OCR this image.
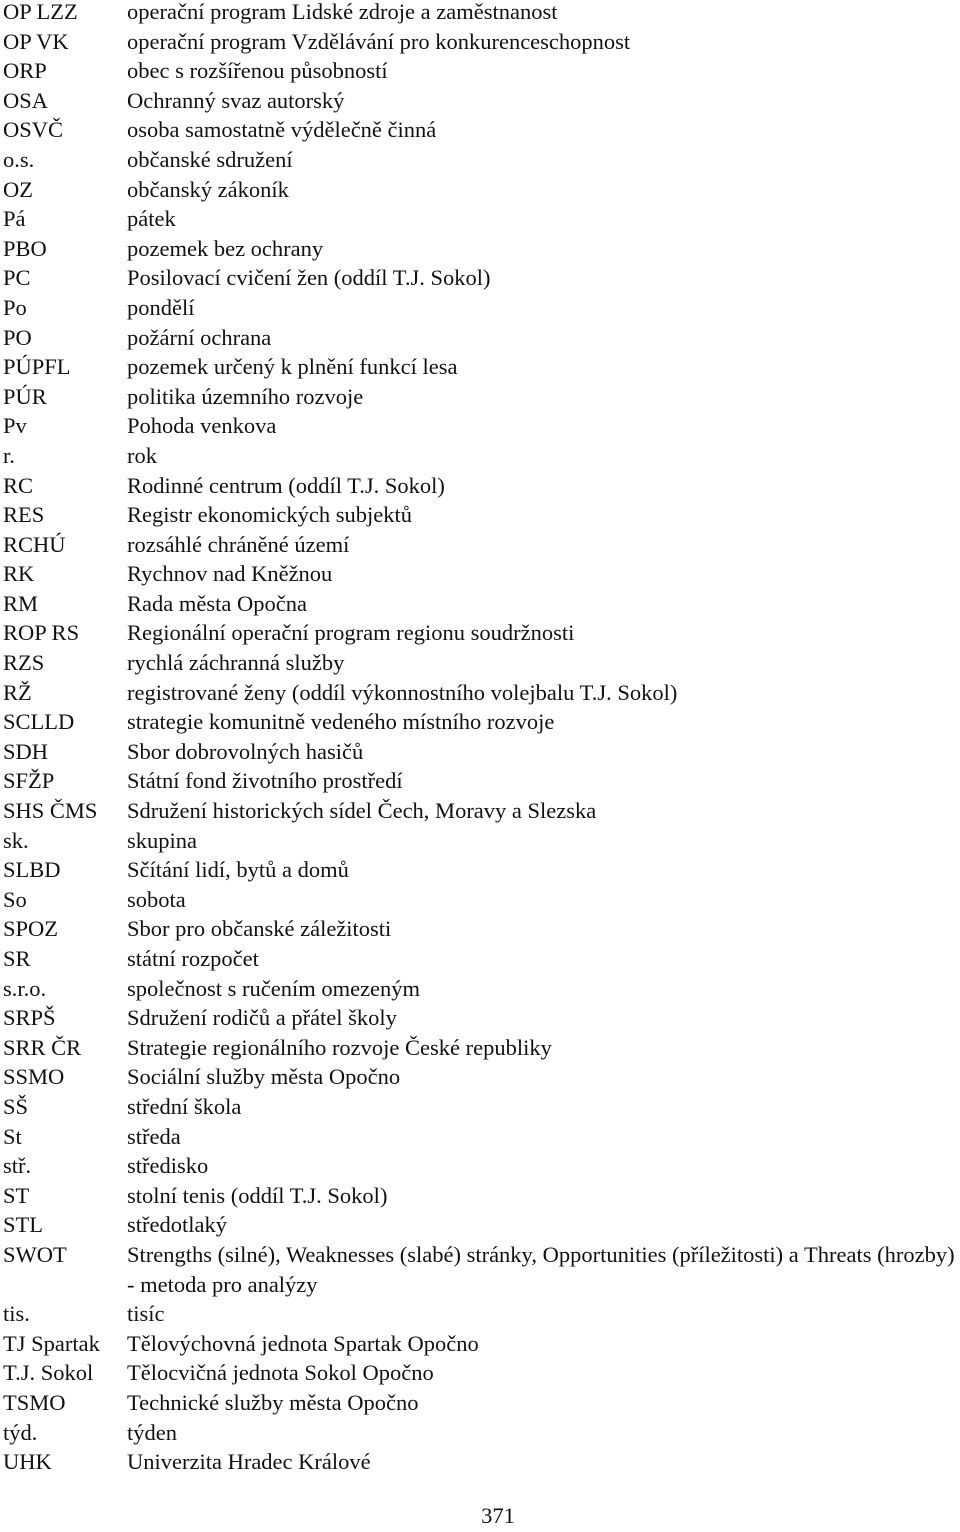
OP LZZ	operační program Lidské zdroje a zaměstnanost
OP VK	operační program Vzdělávání pro konkurenceschopnost
ORP	obec s rozšířenou působností
OSA	Ochranný svaz autorský
OSVČ	osoba samostatně výdělečně činná
o.s.	občanské sdružení
OZ	občanský zákoník
Pá	pátek
PBO	pozemek bez ochrany
PC	Posilovací cvičení žen (oddíl T.J. Sokol)
Po	pondělí
PO	požární ochrana
PÚPFL	pozemek určený k plnění funkcí lesa
PÚR	politika územního rozvoje
Pv	Pohoda venkova
r.	rok
RC	Rodinné centrum (oddíl T.J. Sokol)
RES	Registr ekonomických subjektů
RCHÚ	rozsáhlé chráněné území
RK	Rychnov nad Kněžnou
RM	Rada města Opočna
ROP RS	Regionální operační program regionu soudržnosti
RZS	rychlá záchranná služby
RŽ	registrované ženy (oddíl výkonnostního volejbalu T.J. Sokol)
SCLLD	strategie komunitně vedeného místního rozvoje
SDH	Sbor dobrovolných hasičů
SFŽP	Státní fond životního prostředí
SHS ČMS	Sdružení historických sídel Čech, Moravy a Slezska
sk.	skupina
SLBD	Sčítání lidí, bytů a domů
So	sobota
SPOZ	Sbor pro občanské záležitosti
SR	státní rozpočet
s.r.o.	společnost s ručením omezeným
SRPŠ	Sdružení rodičů a přátel školy
SRR ČR	Strategie regionálního rozvoje České republiky
SSMO	Sociální služby města Opočno
SŠ	střední škola
St	středa
stř.	středisko
ST	stolní tenis (oddíl T.J. Sokol)
STL	středotlaký
SWOT	Strengths (silné), Weaknesses (slabé) stránky, Opportunities (příležitosti) a Threats (hrozby) - metoda pro analýzy
tis.	tisíc
TJ Spartak	Tělovýchovná jednota Spartak Opočno
T.J. Sokol	Tělocvičná jednota Sokol Opočno
TSMO	Technické služby města Opočno
týd.	týden
UHK	Univerzita Hradec Králové
371
